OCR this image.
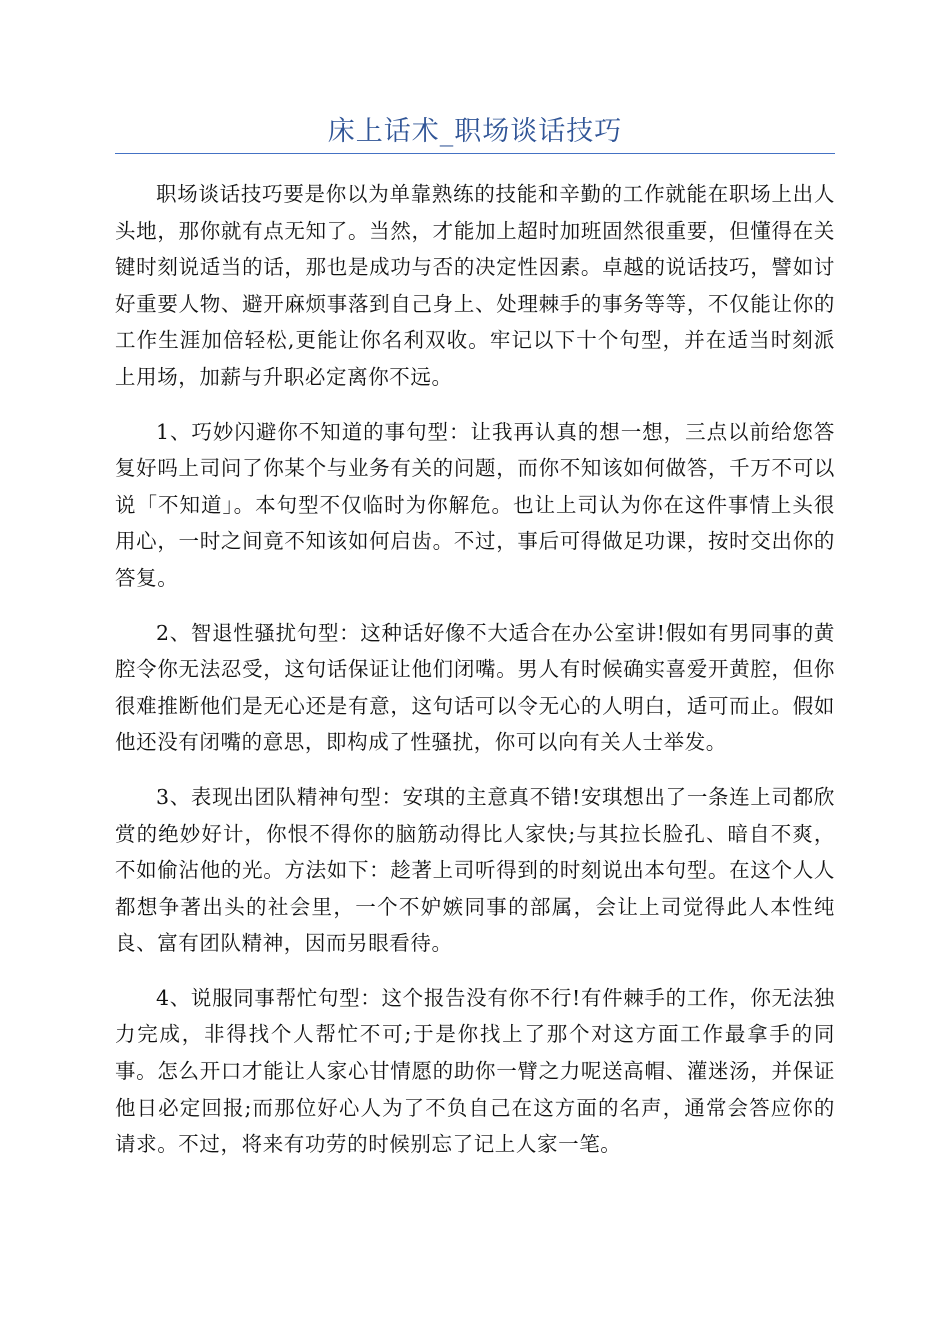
床上话术_职场谈话技巧

职场谈话技巧要是你以为单靠熟练的技能和辛勤的工作就能在职场上出人头地，那你就有点无知了。当然，才能加上超时加班固然很重要，但懂得在关键时刻说适当的话，那也是成功与否的决定性因素。卓越的说话技巧，譬如讨好重要人物、避开麻烦事落到自己身上、处理棘手的事务等等，不仅能让你的工作生涯加倍轻松,更能让你名利双收。牢记以下十个句型，并在适当时刻派上用场，加薪与升职必定离你不远。

1、巧妙闪避你不知道的事句型：让我再认真的想一想，三点以前给您答复好吗上司问了你某个与业务有关的问题，而你不知该如何做答，千万不可以说「不知道」。本句型不仅临时为你解危。也让上司认为你在这件事情上头很用心，一时之间竟不知该如何启齿。不过，事后可得做足功课，按时交出你的答复。

2、智退性骚扰句型：这种话好像不大适合在办公室讲!假如有男同事的黄腔令你无法忍受，这句话保证让他们闭嘴。男人有时候确实喜爱开黄腔，但你很难推断他们是无心还是有意，这句话可以令无心的人明白，适可而止。假如他还没有闭嘴的意思，即构成了性骚扰，你可以向有关人士举发。

3、表现出团队精神句型：安琪的主意真不错!安琪想出了一条连上司都欣赏的绝妙好计，你恨不得你的脑筋动得比人家快;与其拉长脸孔、暗自不爽，不如偷沾他的光。方法如下：趁著上司听得到的时刻说出本句型。在这个人人都想争著出头的社会里，一个不妒嫉同事的部属，会让上司觉得此人本性纯良、富有团队精神，因而另眼看待。

4、说服同事帮忙句型：这个报告没有你不行!有件棘手的工作，你无法独力完成，非得找个人帮忙不可;于是你找上了那个对这方面工作最拿手的同事。怎么开口才能让人家心甘情愿的助你一臂之力呢送高帽、灌迷汤，并保证他日必定回报;而那位好心人为了不负自己在这方面的名声，通常会答应你的请求。不过，将来有功劳的时候别忘了记上人家一笔。
